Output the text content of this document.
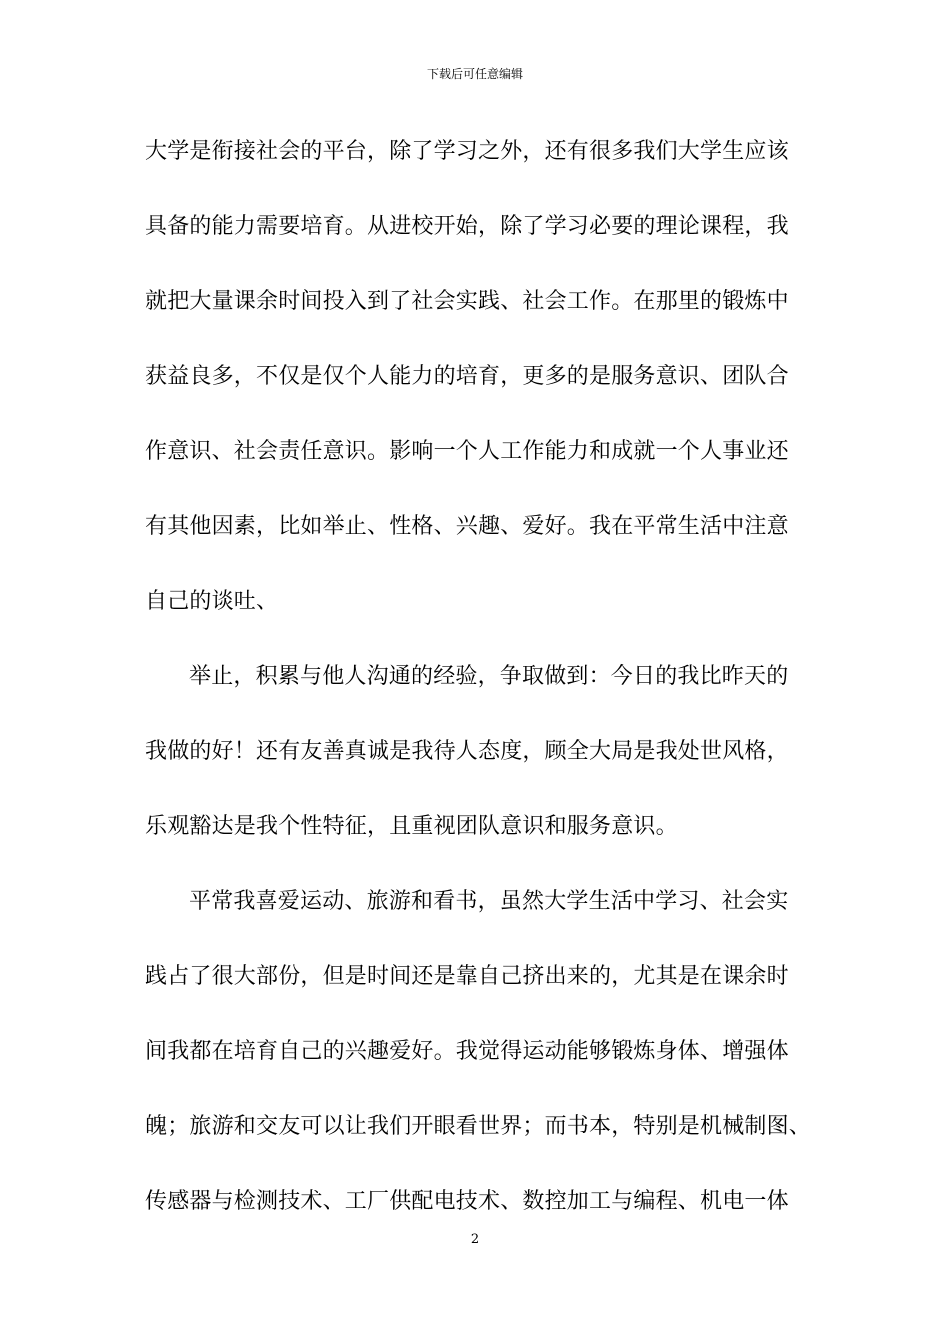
下载后可任意编辑
大学是衔接社会的平台，除了学习之外，还有很多我们大学生应该
具备的能力需要培育。从进校开始，除了学习必要的理论课程，我
就把大量课余时间投入到了社会实践、社会工作。在那里的锻炼中
获益良多，不仅是仅个人能力的培育，更多的是服务意识、团队合
作意识、社会责任意识。影响一个人工作能力和成就一个人事业还
有其他因素，比如举止、性格、兴趣、爱好。我在平常生活中注意
自己的谈吐、
举止，积累与他人沟通的经验，争取做到：今日的我比昨天的
我做的好！还有友善真诚是我待人态度，顾全大局是我处世风格，
乐观豁达是我个性特征，且重视团队意识和服务意识。
平常我喜爱运动、旅游和看书，虽然大学生活中学习、社会实
践占了很大部份，但是时间还是靠自己挤出来的，尤其是在课余时
间我都在培育自己的兴趣爱好。我觉得运动能够锻炼身体、增强体
魄；旅游和交友可以让我们开眼看世界；而书本，特别是机械制图、
传感器与检测技术、工厂供配电技术、数控加工与编程、机电一体
2
